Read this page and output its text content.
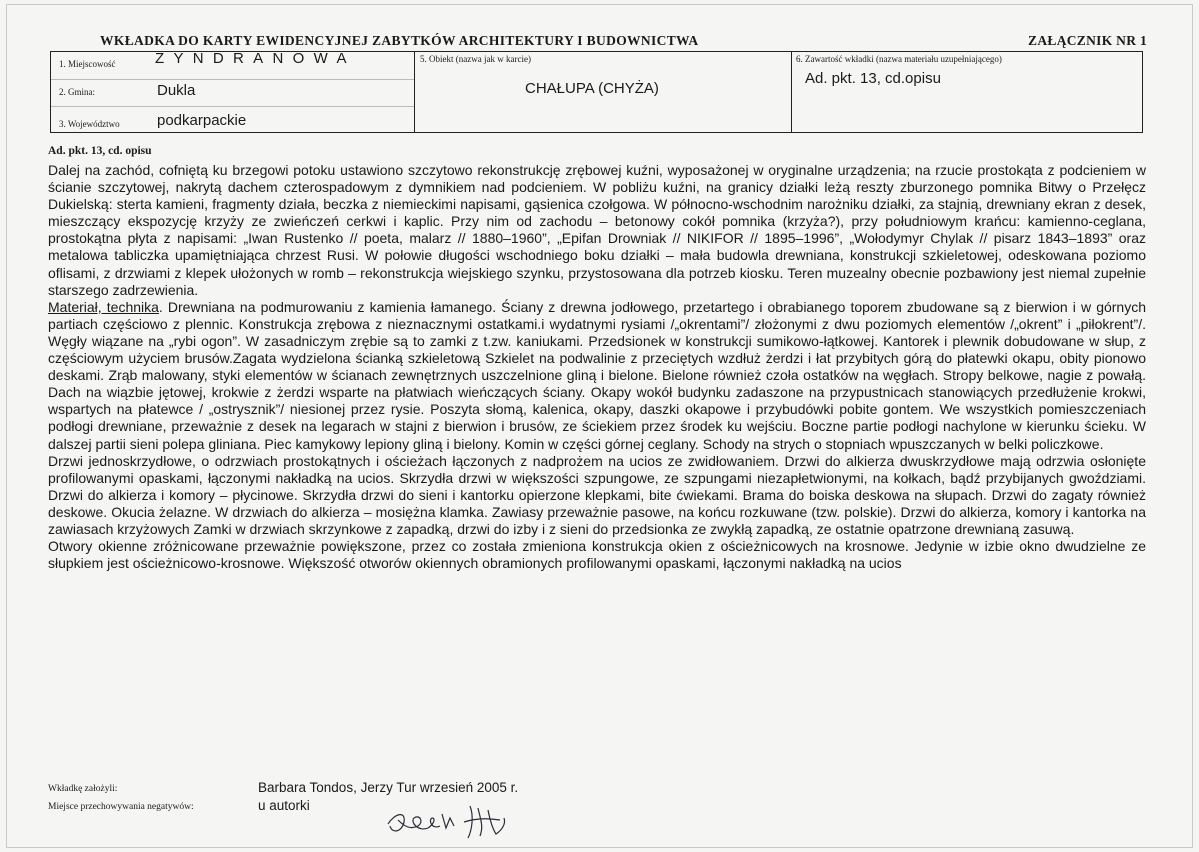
WKŁADKA DO KARTY EWIDENCYJNEJ ZABYTKÓW ARCHITEKTURY I BUDOWNICTWA	ZAŁĄCZNIK NR 1
1. Miejscowość	ZYNDRANOWA
2. Gmina:	Dukla
3. Województwo podkarpackie
5. Obiekt (nazwa jak w karcie)
CHAŁUPA (CHYŻA)
6. Zawartość wkładki (nazwa materiału uzupełniającego)
Ad. pkt. 13, cd.opisu
Ad. pkt. 13, cd. opisu

Dalej na zachód, cofniętą ku brzegowi potoku ustawiono szczytowo rekonstrukcję zrębowej kuźni, wyposażonej w oryginalne urządzenia; na rzucie prostokąta z podcieniem w ścianie szczytowej, nakrytą dachem czterospadowym z dymnikiem nad podcieniem. W pobliżu kuźni, na granicy działki leżą reszty zburzonego pomnika Bitwy o Przełęcz Dukielską: sterta kamieni, fragmenty działa, beczka z niemieckimi napisami, gąsienica czołgowa. W północno-wschodnim narożniku działki, za stajnią, drewniany ekran z desek, mieszczący ekspozycję krzyży ze zwieńczeń cerkwi i kaplic. Przy nim od zachodu – betonowy cokół pomnika (krzyża?), przy południowym krańcu: kamienno-ceglana, prostokątna płyta z napisami: „Iwan Rustenko // poeta, malarz // 1880–1960”, „Epifan Drowniak // NIKIFOR // 1895–1996”, „Wołodymyr Chylak // pisarz 1843–1893” oraz metalowa tabliczka upamiętniająca chrzest Rusi. W połowie długości wschodniego boku działki – mała budowla drewniana, konstrukcji szkieletowej, odeskowana poziomo oflisami, z drzwiami z klepek ułożonych w romb – rekonstrukcja wiejskiego szynku, przystosowana dla potrzeb kiosku. Teren muzealny obecnie pozbawiony jest niemal zupełnie starszego zadrzewienia.

Materiał, technika. Drewniana na podmurowaniu z kamienia łamanego. Ściany z drewna jodłowego, przetartego i obrabianego toporem zbudowane są z bierwion i w górnych partiach częściowo z plennic. Konstrukcja zrębowa z nieznacznymi ostatkami.i wydatnymi rysiami /„okrentami”/ złożonymi z dwu poziomych elementów /„okrent” i „piłokrent”/. Węgły wiązane na „rybi ogon”. W zasadniczym zrębie są to zamki z t.zw. kaniukami. Przedsionek w konstrukcji sumikowo-łątkowej. Kantorek i plewnik dobudowane w słup, z częściowym użyciem brusów.Zagata wydzielona ścianką szkieletową Szkielet na podwalinie z przeciętych wzdłuż żerdzi i łat przybitych górą do płatewki okapu, obity pionowo deskami. Zrąb malowany, styki elementów w ścianach zewnętrznych uszczelnione gliną i bielone. Bielone również czoła ostatków na węgłach. Stropy belkowe, nagie z powałą. Dach na wiązbie jętowej, krokwie z żerdzi wsparte na płatwiach wieńczących ściany. Okapy wokół budynku zadaszone na przypustnicach stanowiących przedłużenie krokwi, wspartych na płatewce / „ostrysznik”/ niesionej przez rysie. Poszyta słomą, kalenica, okapy, daszki okapowe i przybudówki pobite gontem. We wszystkich pomieszczeniach podłogi drewniane, przeważnie z desek na legarach w stajni z bierwion i brusów, ze ściekiem przez środek ku wejściu. Boczne partie podłogi nachylone w kierunku ścieku. W dalszej partii sieni polepa gliniana. Piec kamykowy lepiony gliną i bielony. Komin w części górnej ceglany. Schody na strych o stopniach wpuszczanych w belki policzkowe.

Drzwi jednoskrzydłowe, o odrzwiach prostokątnych i ościeżach łączonych z nadprożem na ucios ze zwidłowaniem. Drzwi do alkierza dwuskrzydłowe mają odrzwia osłonięte profilowanymi opaskami, łączonymi nakładką na ucios. Skrzydła drzwi w większości szpungowe, ze szpungami niezapłetwionymi, na kołkach, bądź przybijanych gwoździami. Drzwi do alkierza i komory – płycinowe. Skrzydła drzwi do sieni i kantorku opierzone klepkami, bite ćwiekami. Brama do boiska deskowa na słupach. Drzwi do zagaty również deskowe. Okucia żelazne. W drzwiach do alkierza – mosiężna klamka. Zawiasy przeważnie pasowe, na końcu rozkuwane (tzw. polskie). Drzwi do alkierza, komory i kantorka na zawiasach krzyżowych Zamki w drzwiach skrzynkowe z zapadką, drzwi do izby i z sieni do przedsionka ze zwykłą zapadką, ze ostatnie opatrzone drewnianą zasuwą.

Otwory okienne zróżnicowane przeważnie powiększone, przez co została zmieniona konstrukcja okien z ościeżnicowych na krosnowe. Jedynie w izbie okno dwudzielne ze słupkiem jest ościeżnicowo-krosnowe. Większość otworów okiennych obramionych profilowanymi opaskami, łączonymi nakładką na ucios

Wkładkę założyli:	Barbara Tondos, Jerzy Tur wrzesień 2005 r.
Miejsce przechowywania negatywów:	u autorki
